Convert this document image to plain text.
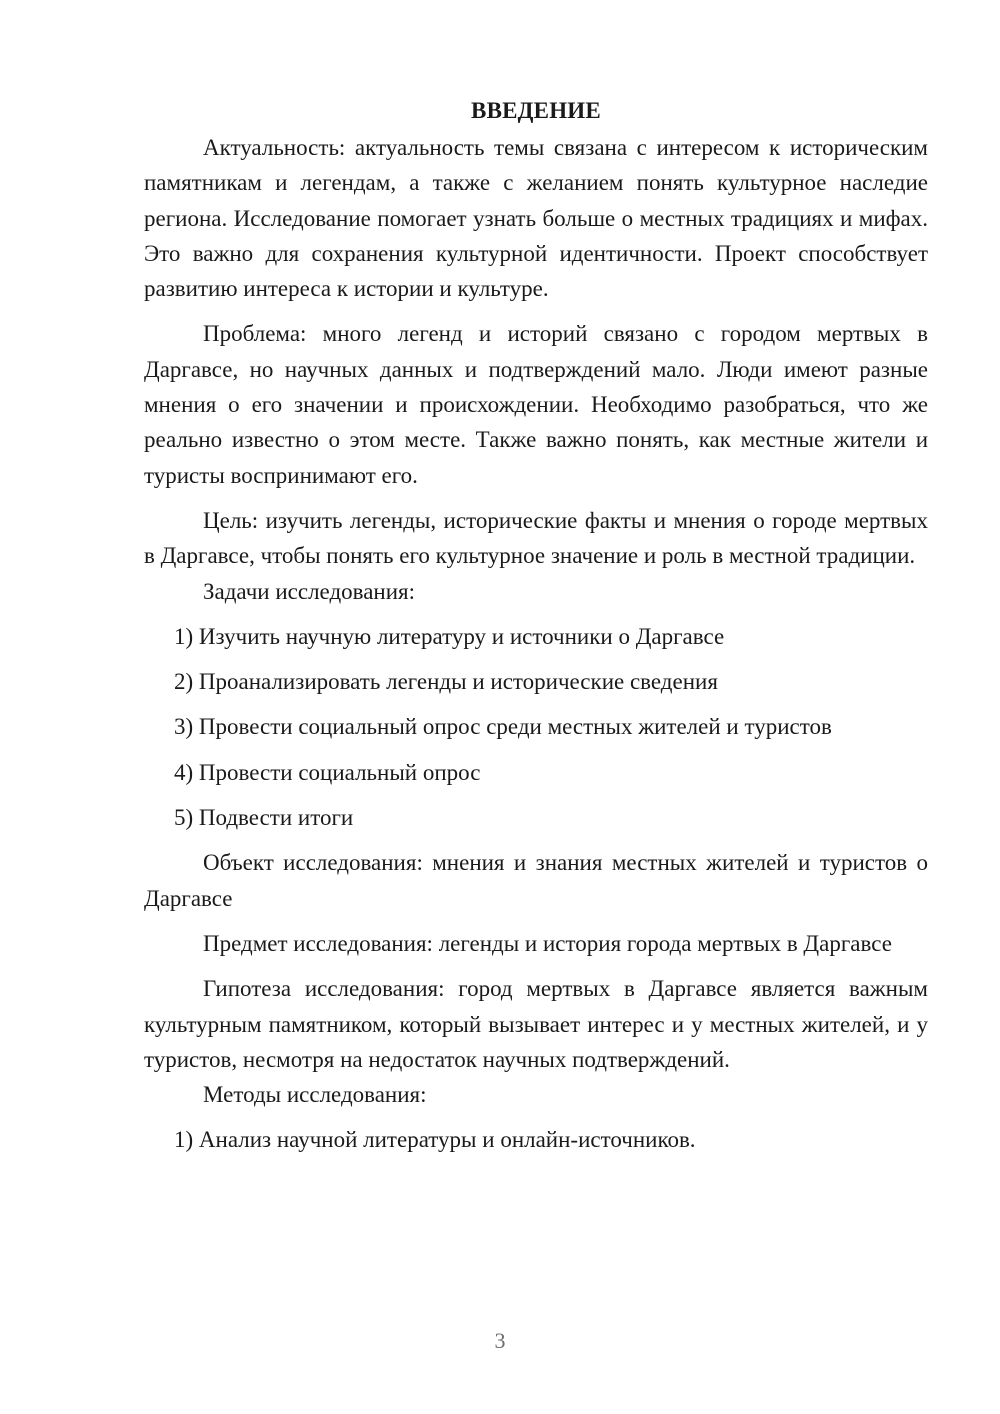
ВВЕДЕНИЕ

Актуальность: актуальность темы связана с интересом к историческим памятникам и легендам, а также с желанием понять культурное наследие региона. Исследование помогает узнать больше о местных традициях и мифах. Это важно для сохранения культурной идентичности. Проект способствует развитию интереса к истории и культуре.

Проблема: много легенд и историй связано с городом мертвых в Даргавсе, но научных данных и подтверждений мало. Люди имеют разные мнения о его значении и происхождении. Необходимо разобраться, что же реально известно о этом месте. Также важно понять, как местные жители и туристы воспринимают его.

Цель: изучить легенды, исторические факты и мнения о городе мертвых в Даргавсе, чтобы понять его культурное значение и роль в местной традиции.

Задачи исследования:

1) Изучить научную литературу и источники о Даргавсе

2) Проанализировать легенды и исторические сведения

3) Провести социальный опрос среди местных жителей и туристов

4) Провести социальный опрос

5) Подвести итоги

Объект исследования: мнения и знания местных жителей и туристов о Даргавсе

Предмет исследования: легенды и история города мертвых в Даргавсе

Гипотеза исследования: город мертвых в Даргавсе является важным культурным памятником, который вызывает интерес и у местных жителей, и у туристов, несмотря на недостаток научных подтверждений.

Методы исследования:

1) Анализ научной литературы и онлайн-источников.

3
